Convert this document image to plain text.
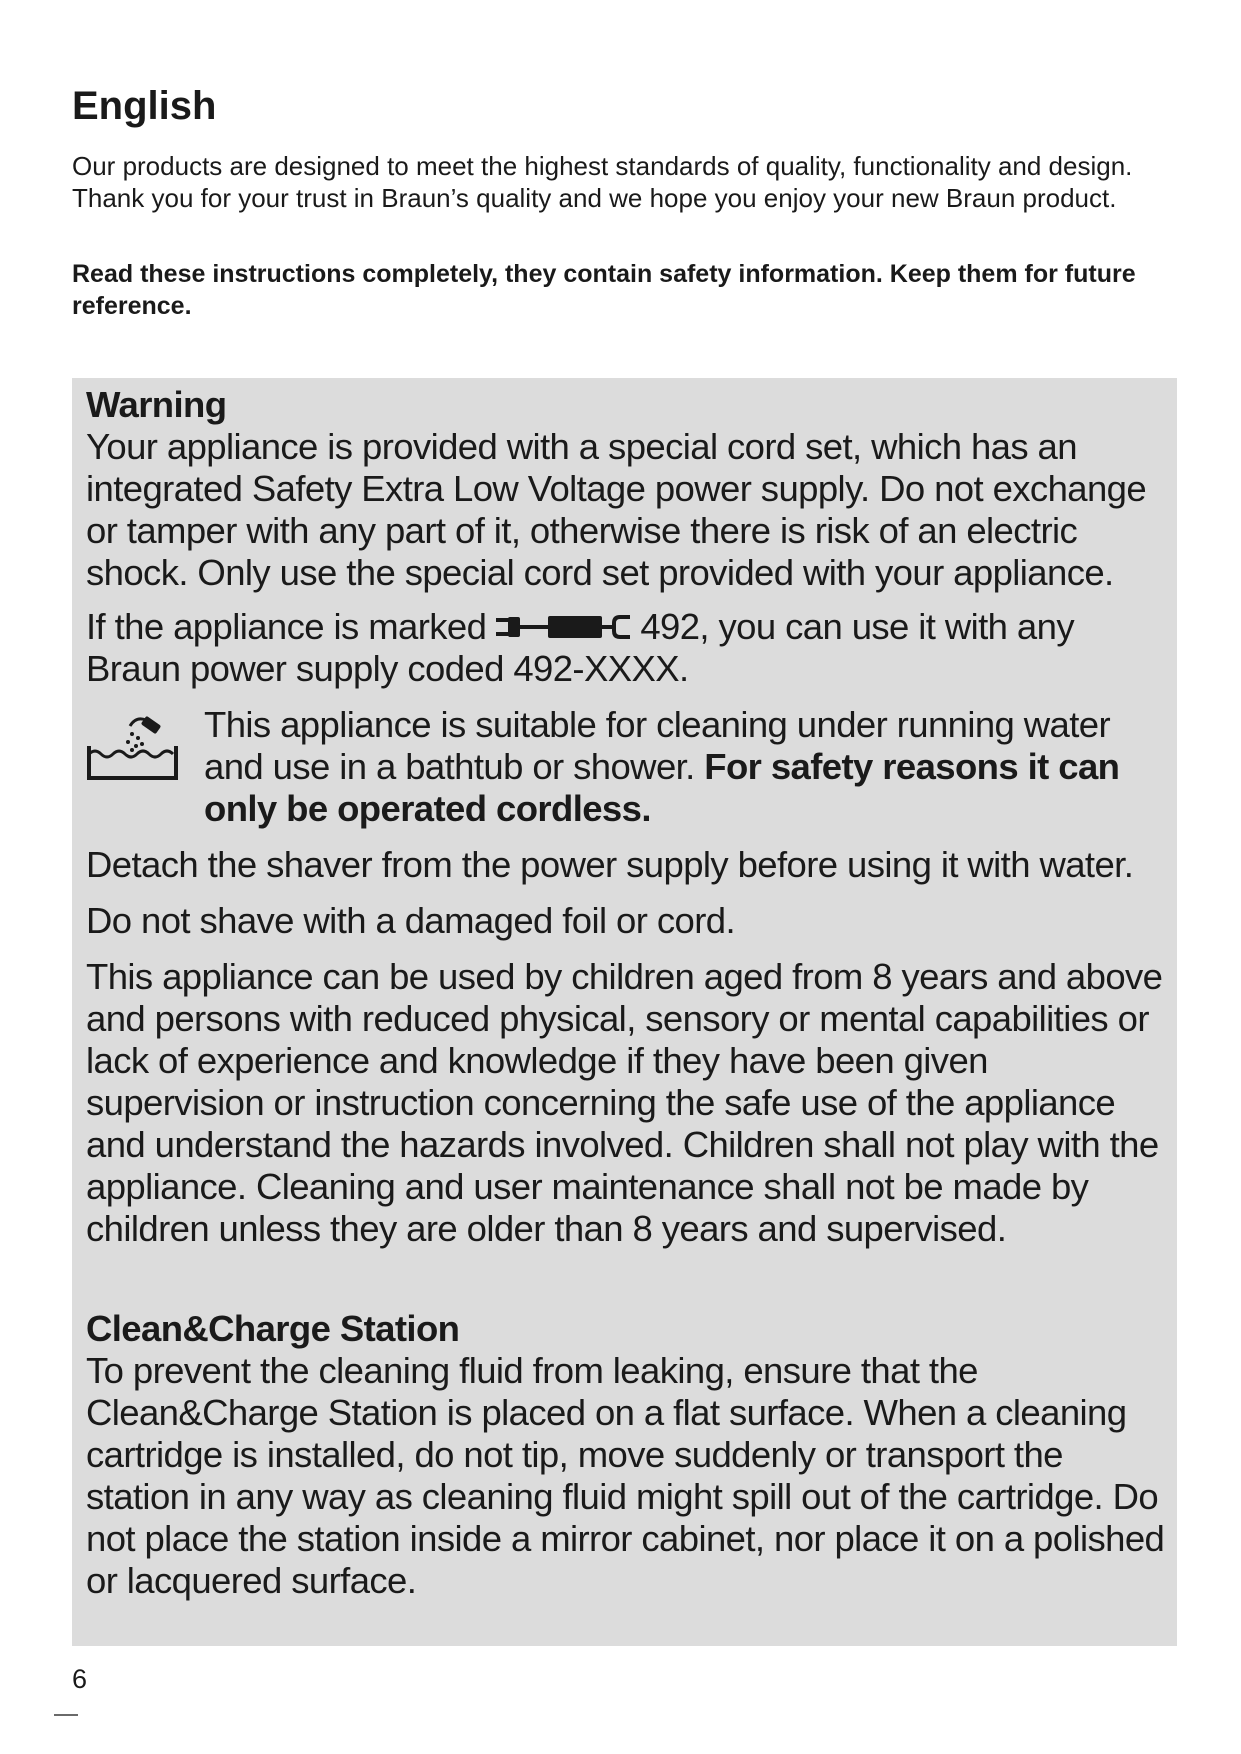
English

Our products are designed to meet the highest standards of quality, functionality and design. Thank you for your trust in Braun’s quality and we hope you enjoy your new Braun product.

Read these instructions completely, they contain safety information. Keep them for future reference.

Warning

Your appliance is provided with a special cord set, which has an integrated Safety Extra Low Voltage power supply. Do not exchange or tamper with any part of it, otherwise there is risk of an electric shock. Only use the special cord set provided with your appliance.

If the appliance is marked	492, you can use it with any
Braun power supply coded 492-XXXX.

This appliance is suitable for cleaning under running water and use in a bathtub or shower. For safety reasons it can only be operated cordless.

Detach the shaver from the power supply before using it with water.

Do not shave with a damaged foil or cord.

This appliance can be used by children aged from 8 years and above and persons with reduced physical, sensory or mental capabilities or lack of experience and knowledge if they have been given supervision or instruction concerning the safe use of the appliance and understand the hazards involved. Children shall not play with the appliance. Cleaning and user maintenance shall not be made by children unless they are older than 8 years and supervised.

Clean&Charge Station

To prevent the cleaning fluid from leaking, ensure that the Clean&Charge Station is placed on a flat surface. When a cleaning cartridge is installed, do not tip, move suddenly or transport the station in any way as cleaning fluid might spill out of the cartridge. Do not place the station inside a mirror cabinet, nor place it on a polished or lacquered surface.

6
